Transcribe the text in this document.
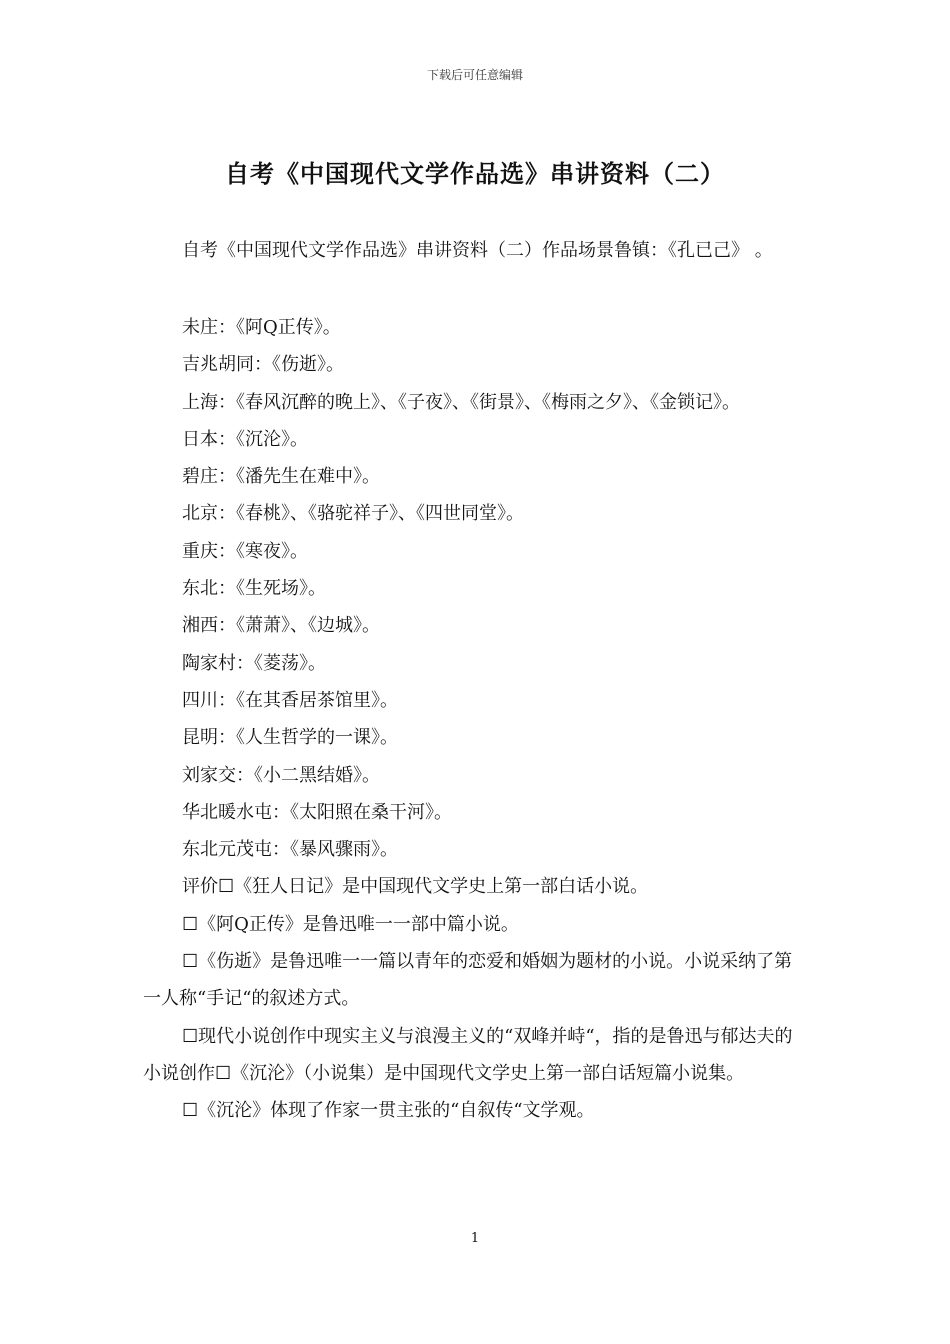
下载后可任意编辑
自考《中国现代文学作品选》串讲资料（二）
自考《中国现代文学作品选》串讲资料（二）作品场景鲁镇：《孔已己》 。

未庄：《阿Q正传》。

吉兆胡同：《伤逝》。

上海：《春风沉醉的晚上》、《子夜》、《街景》、《梅雨之夕》、《金锁记》。

日本：《沉沦》。

碧庄：《潘先生在难中》。

北京：《春桃》、《骆驼祥子》、《四世同堂》。

重庆：《寒夜》。

东北：《生死场》。

湘西：《萧萧》、《边城》。

陶家村：《菱荡》。

四川：《在其香居茶馆里》。

昆明：《人生哲学的一课》。

刘家交：《小二黑结婚》。

华北暖水屯：《太阳照在桑干河》。

东北元茂屯：《暴风骤雨》。

评价☐《狂人日记》是中国现代文学史上第一部白话小说。

☐《阿Q正传》是鲁迅唯一一部中篇小说。

☐《伤逝》是鲁迅唯一一篇以青年的恋爱和婚姻为题材的小说。小说采纳了第一人称“手记“的叙述方式。

☐现代小说创作中现实主义与浪漫主义的“双峰并峙“，指的是鲁迅与郁达夫的小说创作☐《沉沦》（小说集）是中国现代文学史上第一部白话短篇小说集。

☐《沉沦》体现了作家一贯主张的“自叙传“文学观。

1
